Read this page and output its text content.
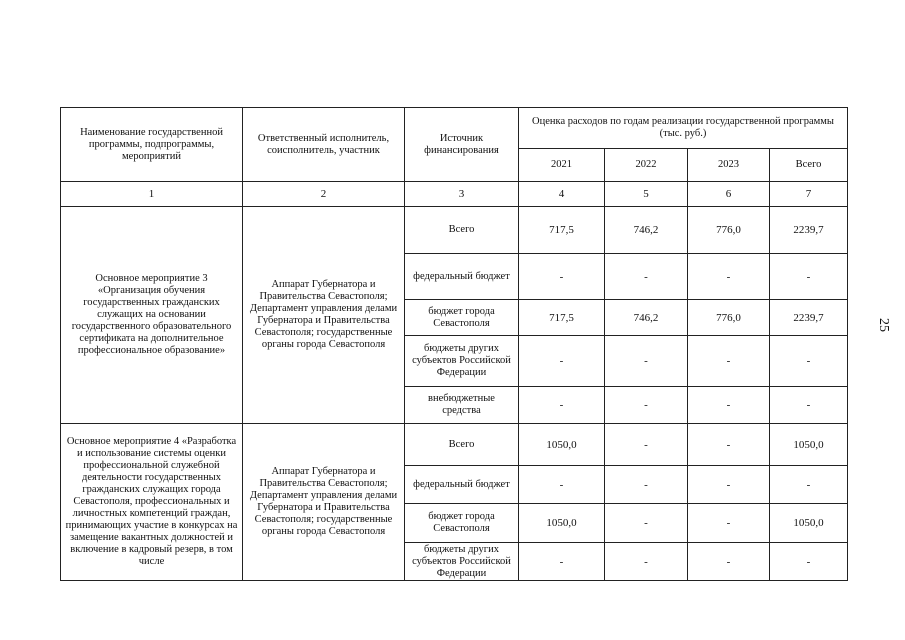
25
Наименование государственной программы, подпрограммы, мероприятий	Ответственный исполнитель, соисполнитель, участник	Источник финансирования	Оценка расходов по годам реализации государственной программы (тыс. руб.)			
			2021	2022	2023	Всего
1	2	3	4	5	6	7
Основное мероприятие 3 «Организация обучения государственных гражданских служащих на основании государственного образовательного сертификата на дополнительное профессиональное образование»	Аппарат Губернатора и Правительства Севастополя; Департамент управления делами Губернатора и Правительства Севастополя; государственные органы города Севастополя	Всего	717,5	746,2	776,0	2239,7
		федеральный бюджет	-	-	-	-
		бюджет города Севастополя	717,5	746,2	776,0	2239,7
		бюджеты других субъектов Российской Федерации	-	-	-	-
		внебюджетные средства	-	-	-	-
Основное мероприятие 4 «Разработка и использование системы оценки профессиональной служебной деятельности государственных гражданских служащих города Севастополя, профессиональных и личностных компетенций граждан, принимающих участие в конкурсах на замещение вакантных должностей и включение в кадровый резерв, в том числе	Аппарат Губернатора и Правительства Севастополя; Департамент управления делами Губернатора и Правительства Севастополя; государственные органы города Севастополя	Всего	1050,0	-	-	1050,0
		федеральный бюджет	-	-	-	-
		бюджет города Севастополя	1050,0	-	-	1050,0
		бюджеты других субъектов Российской Федерации	-	-	-	-
